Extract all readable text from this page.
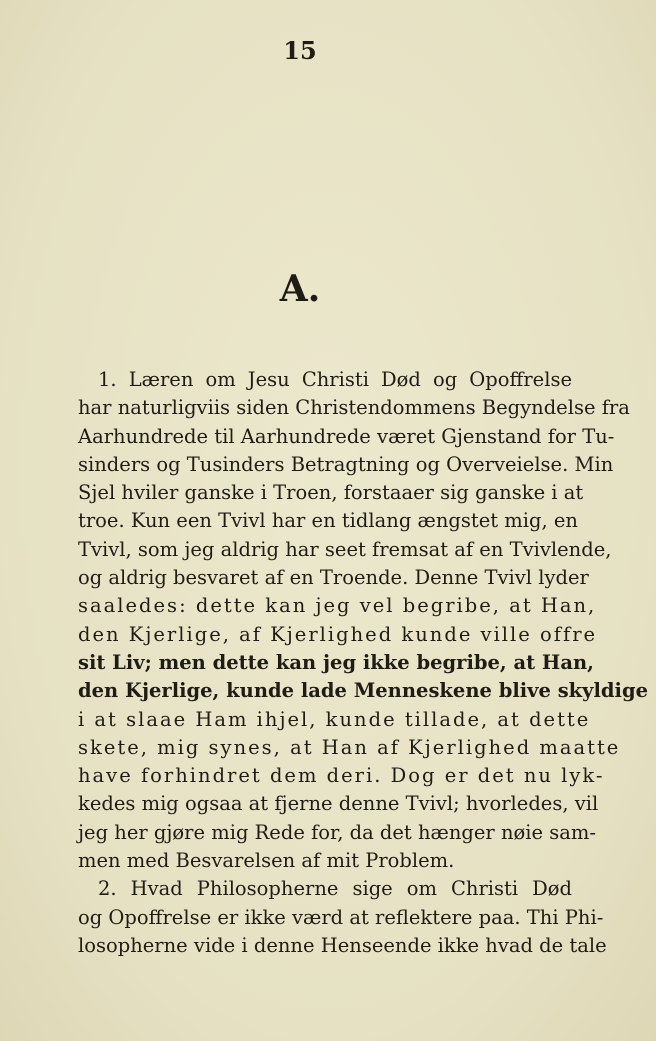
15
A.
1. Læren om Jesu Christi Død og Opoffrelse
har naturligviis siden Christendommens Begyndelse fra
Aarhundrede til Aarhundrede været Gjenstand for Tu-
sinders og Tusinders Betragtning og Overveielse. Min
Sjel hviler ganske i Troen, forstaaer sig ganske i at
troe. Kun een Tvivl har en tidlang ængstet mig, en
Tvivl, som jeg aldrig har seet fremsat af en Tvivlende,
og aldrig besvaret af en Troende. Denne Tvivl lyder
saaledes: dette kan jeg vel begribe, at Han,
den Kjerlige, af Kjerlighed kunde ville offre
sit Liv; men dette kan jeg ikke begribe, at Han,
den Kjerlige, kunde lade Menneskene blive skyldige
i at slaae Ham ihjel, kunde tillade, at dette
skete, mig synes, at Han af Kjerlighed maatte
have forhindret dem deri. Dog er det nu lyk-
kedes mig ogsaa at fjerne denne Tvivl; hvorledes, vil
jeg her gjøre mig Rede for, da det hænger nøie sam-
men med Besvarelsen af mit Problem.
2. Hvad Philosopherne sige om Christi Død
og Opoffrelse er ikke værd at reflektere paa. Thi Phi-
losopherne vide i denne Henseende ikke hvad de tale
